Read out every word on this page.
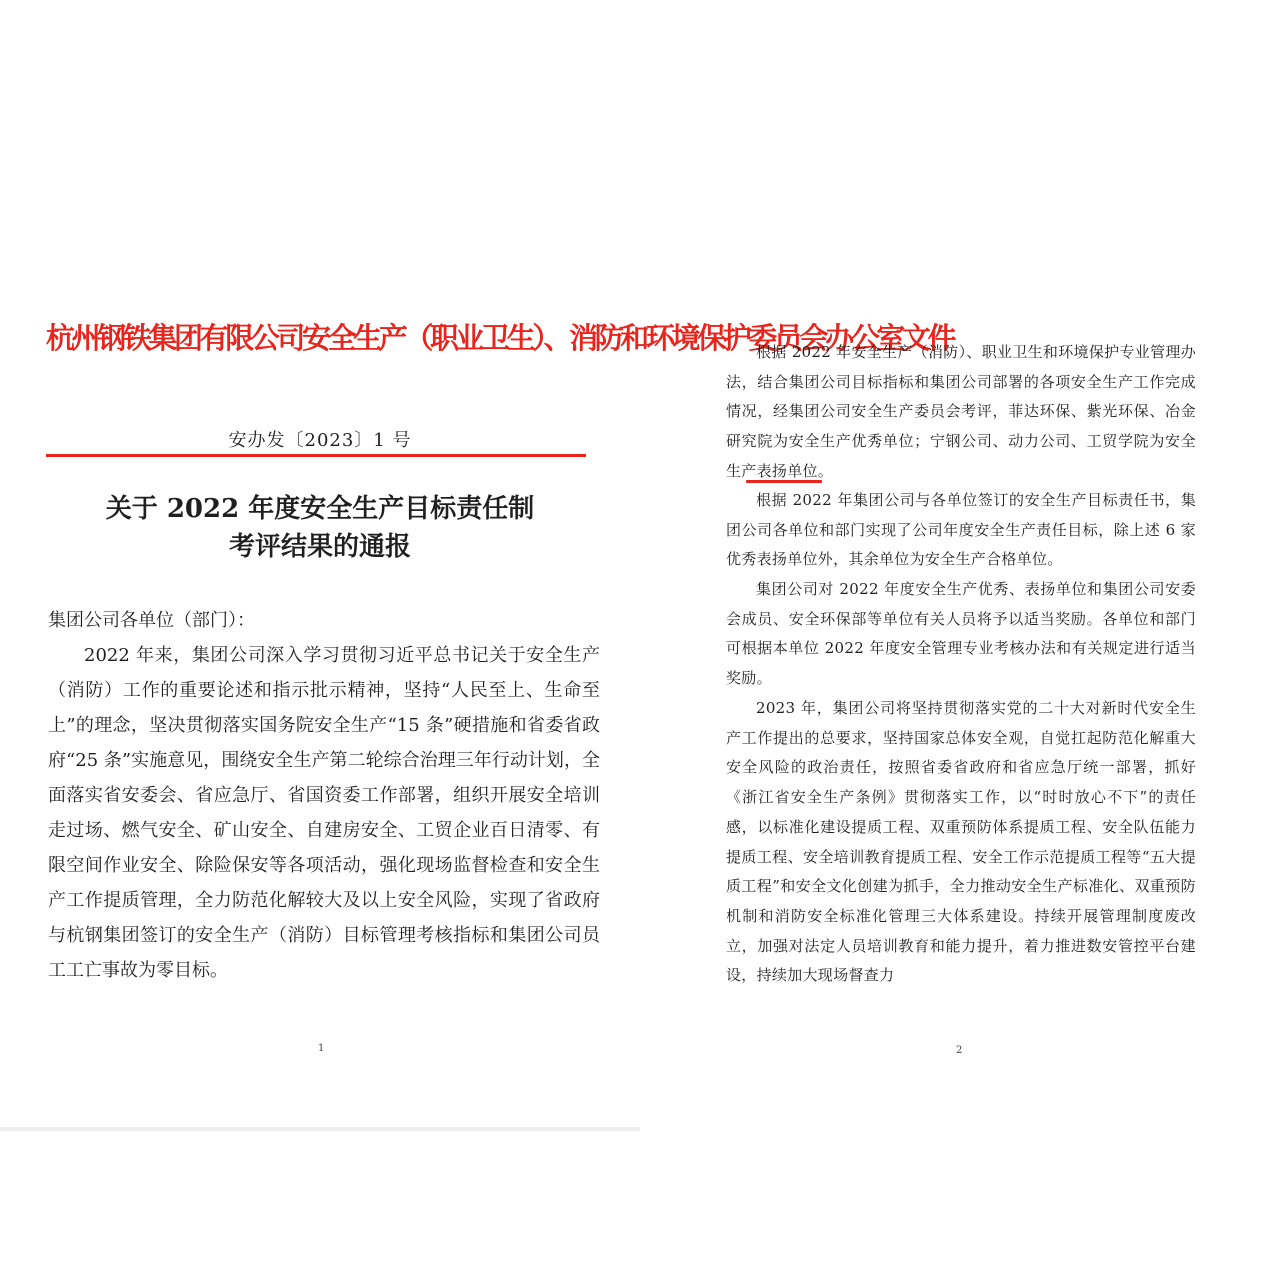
杭州钢铁集团有限公司安全生产（职业卫生）、消防和环境保护委员会办公室文件
安办发〔2023〕1 号
关于 2022 年度安全生产目标责任制
考评结果的通报
集团公司各单位（部门）：

2022 年来，集团公司深入学习贯彻习近平总书记关于安全生产（消防）工作的重要论述和指示批示精神，坚持“人民至上、生命至上”的理念，坚决贯彻落实国务院安全生产“15 条”硬措施和省委省政府“25 条”实施意见，围绕安全生产第二轮综合治理三年行动计划，全面落实省安委会、省应急厅、省国资委工作部署，组织开展安全培训走过场、燃气安全、矿山安全、自建房安全、工贸企业百日清零、有限空间作业安全、除险保安等各项活动，强化现场监督检查和安全生产工作提质管理，全力防范化解较大及以上安全风险，实现了省政府与杭钢集团签订的安全生产（消防）目标管理考核指标和集团公司员工工亡事故为零目标。

1

根据 2022 年安全生产（消防）、职业卫生和环境保护专业管理办法，结合集团公司目标指标和集团公司部署的各项安全生产工作完成情况，经集团公司安全生产委员会考评，菲达环保、紫光环保、冶金研究院为安全生产优秀单位；宁钢公司、动力公司、工贸学院为安全生产表扬单位。

根据 2022 年集团公司与各单位签订的安全生产目标责任书，集团公司各单位和部门实现了公司年度安全生产责任目标，除上述 6 家优秀表扬单位外，其余单位为安全生产合格单位。

集团公司对 2022 年度安全生产优秀、表扬单位和集团公司安委会成员、安全环保部等单位有关人员将予以适当奖励。各单位和部门可根据本单位 2022 年度安全管理专业考核办法和有关规定进行适当奖励。

2023 年，集团公司将坚持贯彻落实党的二十大对新时代安全生产工作提出的总要求，坚持国家总体安全观，自觉扛起防范化解重大安全风险的政治责任，按照省委省政府和省应急厅统一部署，抓好《浙江省安全生产条例》贯彻落实工作，以“时时放心不下”的责任感，以标准化建设提质工程、双重预防体系提质工程、安全队伍能力提质工程、安全培训教育提质工程、安全工作示范提质工程等“五大提质工程”和安全文化创建为抓手，全力推动安全生产标准化、双重预防机制和消防安全标准化管理三大体系建设。持续开展管理制度废改立，加强对法定人员培训教育和能力提升，着力推进数安管控平台建设，持续加大现场督查力

2
